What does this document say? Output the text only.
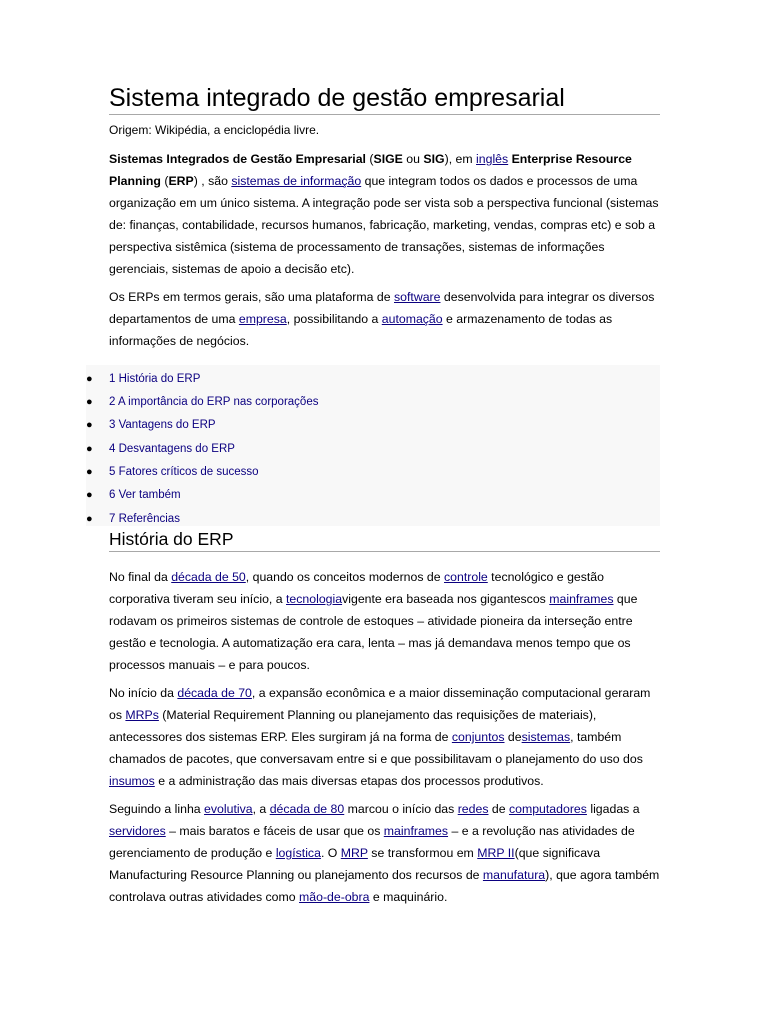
Sistema integrado de gestão empresarial
Origem: Wikipédia, a enciclopédia livre.

Sistemas Integrados de Gestão Empresarial (SIGE ou SIG), em inglês Enterprise Resource Planning (ERP) , são sistemas de informação que integram todos os dados e processos de uma organização em um único sistema. A integração pode ser vista sob a perspectiva funcional (sistemas de: finanças, contabilidade, recursos humanos, fabricação, marketing, vendas, compras etc) e sob a perspectiva sistêmica (sistema de processamento de transações, sistemas de informações gerenciais, sistemas de apoio a decisão etc).

Os ERPs em termos gerais, são uma plataforma de software desenvolvida para integrar os diversos departamentos de uma empresa, possibilitando a automação e armazenamento de todas as informações de negócios.

● 1 História do ERP
● 2 A importância do ERP nas corporações
● 3 Vantagens do ERP
● 4 Desvantagens do ERP
● 5 Fatores críticos de sucesso
● 6 Ver também
● 7 Referências
História do ERP

No final da década de 50, quando os conceitos modernos de controle tecnológico e gestão corporativa tiveram seu início, a tecnologiavigente era baseada nos gigantescos mainframes que rodavam os primeiros sistemas de controle de estoques – atividade pioneira da interseção entre gestão e tecnologia. A automatização era cara, lenta – mas já demandava menos tempo que os processos manuais – e para poucos.

No início da década de 70, a expansão econômica e a maior disseminação computacional geraram os MRPs (Material Requirement Planning ou planejamento das requisições de materiais), antecessores dos sistemas ERP. Eles surgiram já na forma de conjuntos desistemas, também chamados de pacotes, que conversavam entre si e que possibilitavam o planejamento do uso dos insumos e a administração das mais diversas etapas dos processos produtivos.

Seguindo a linha evolutiva, a década de 80 marcou o início das redes de computadores ligadas a servidores – mais baratos e fáceis de usar que os mainframes – e a revolução nas atividades de gerenciamento de produção e logística. O MRP se transformou em MRP II(que significava Manufacturing Resource Planning ou planejamento dos recursos de manufatura), que agora também controlava outras atividades como mão-de-obra e maquinário.
